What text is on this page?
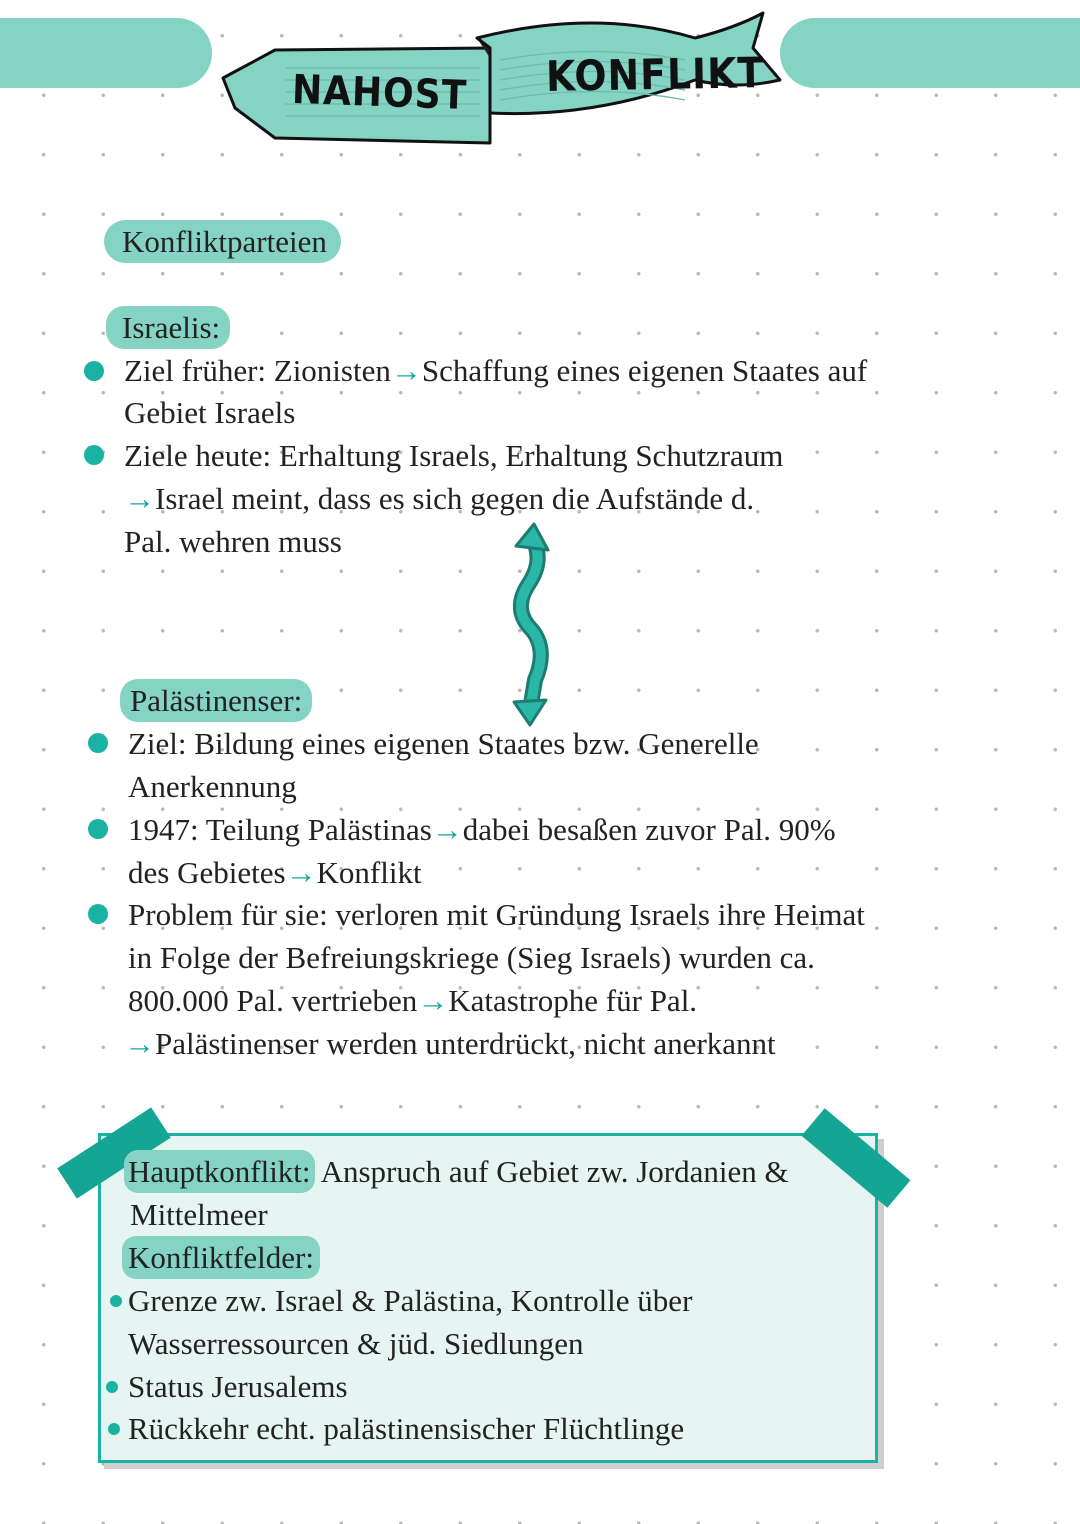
NAHOST KONFLIKT
Konfliktparteien
Israelis:
Ziel früher: Zionisten→Schaffung eines eigenen Staates auf
Gebiet Israels
Ziele heute: Erhaltung Israels, Erhaltung Schutzraum
→Israel meint, dass es sich gegen die Aufstände d.
Pal. wehren muss
Palästinenser:
Ziel: Bildung eines eigenen Staates bzw. Generelle
Anerkennung
1947: Teilung Palästinas→dabei besaßen zuvor Pal. 90%
des Gebietes→Konflikt
Problem für sie: verloren mit Gründung Israels ihre Heimat
in Folge der Befreiungskriege (Sieg Israels) wurden ca.
800.000 Pal. vertrieben→Katastrophe für Pal.
→Palästinenser werden unterdrückt, nicht anerkannt
Hauptkonflikt: Anspruch auf Gebiet zw. Jordanien &
Mittelmeer
Konfliktfelder:
Grenze zw. Israel & Palästina, Kontrolle über
Wasserressourcen & jüd. Siedlungen
Status Jerusalems
Rückkehr echt. palästinensischer Flüchtlinge
